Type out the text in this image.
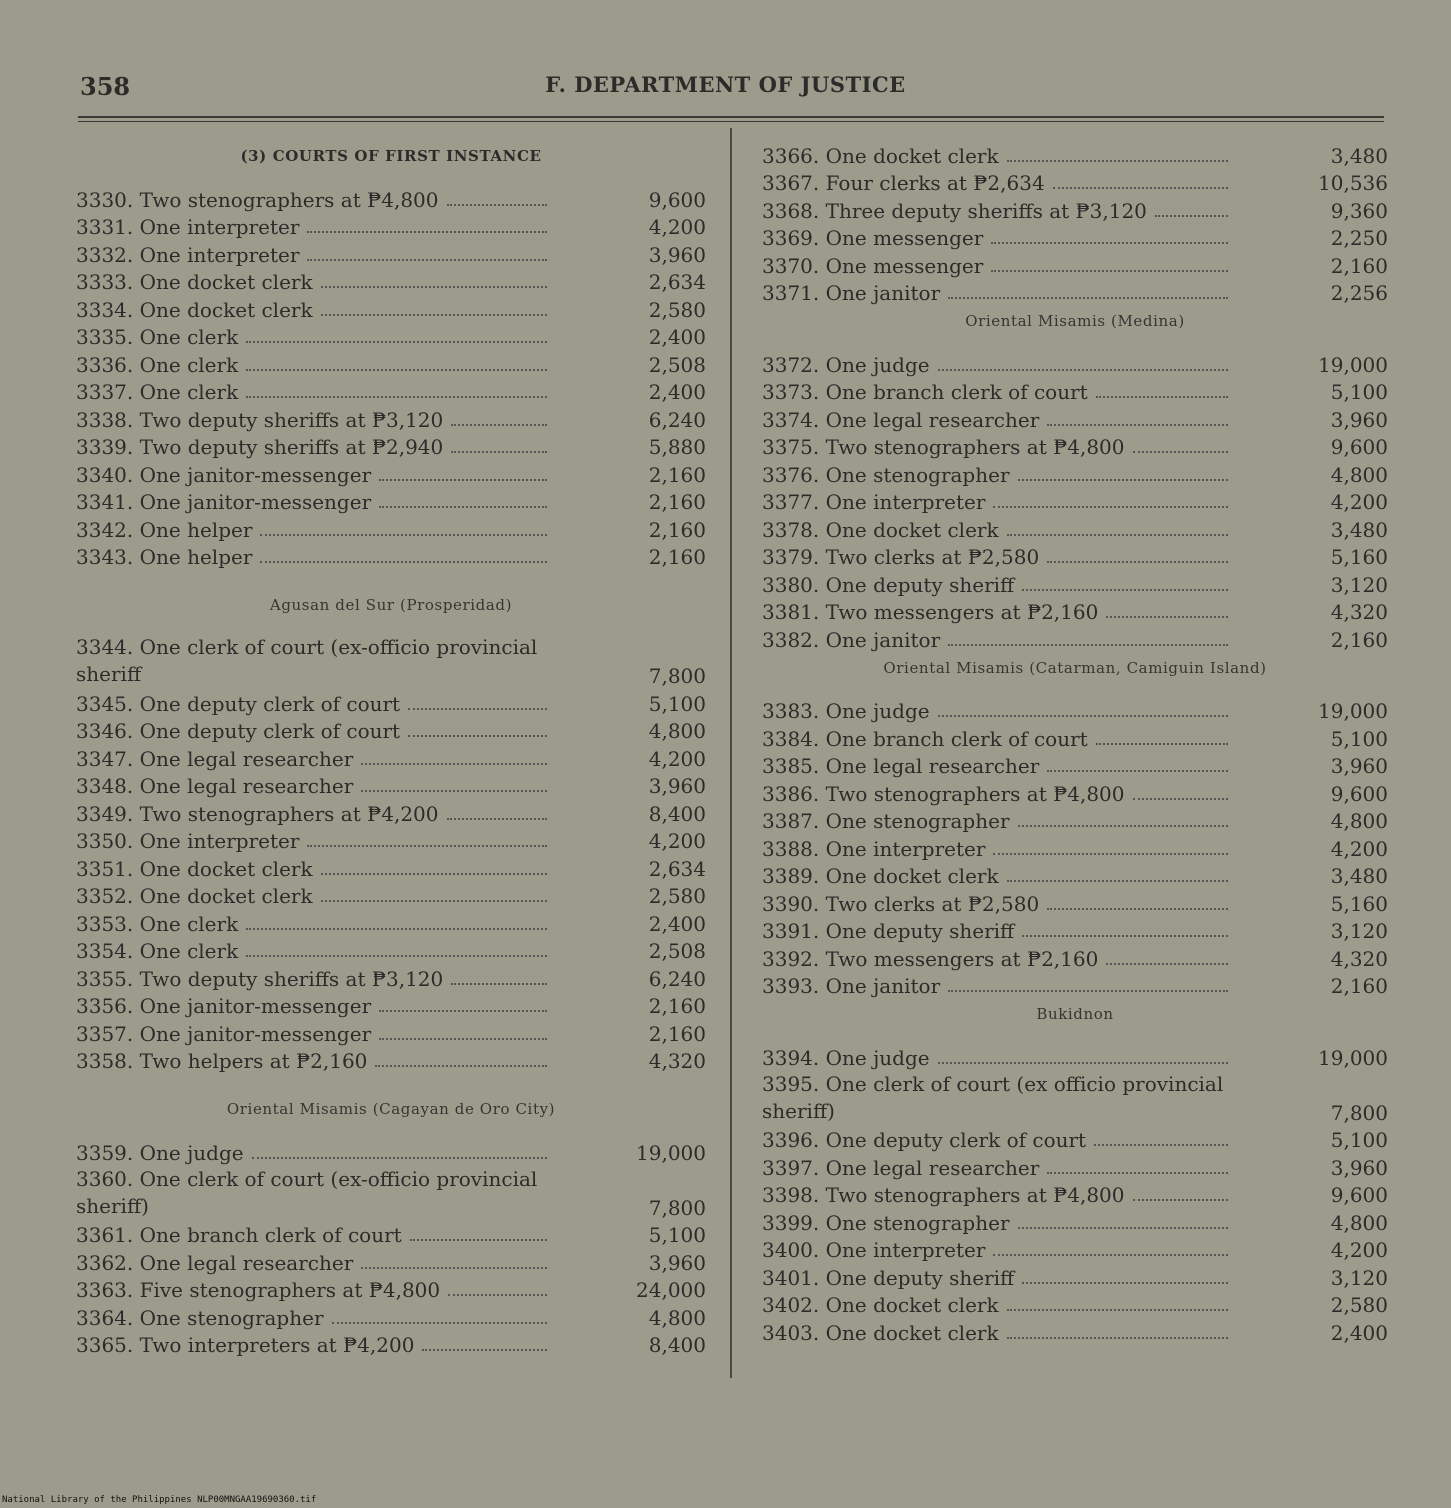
358	F. DEPARTMENT OF JUSTICE
(3) COURTS OF FIRST INSTANCE
3330. Two stenographers at ₱4,800	9,600
3331. One interpreter	4,200
3332. One interpreter	3,960
3333. One docket clerk	2,634
3334. One docket clerk	2,580
3335. One clerk	2,400
3336. One clerk	2,508
3337. One clerk	2,400
3338. Two deputy sheriffs at ₱3,120	6,240
3339. Two deputy sheriffs at ₱2,940	5,880
3340. One janitor-messenger	2,160
3341. One janitor-messenger	2,160
3342. One helper	2,160
3343. One helper	2,160
Agusan del Sur (Prosperidad)
3344. One clerk of court (ex-officio provincial sheriff	7,800
3345. One deputy clerk of court	5,100
3346. One deputy clerk of court	4,800
3347. One legal researcher	4,200
3348. One legal researcher	3,960
3349. Two stenographers at ₱4,200	8,400
3350. One interpreter	4,200
3351. One docket clerk	2,634
3352. One docket clerk	2,580
3353. One clerk	2,400
3354. One clerk	2,508
3355. Two deputy sheriffs at ₱3,120	6,240
3356. One janitor-messenger	2,160
3357. One janitor-messenger	2,160
3358. Two helpers at ₱2,160	4,320
Oriental Misamis (Cagayan de Oro City)
3359. One judge	19,000
3360. One clerk of court (ex-officio provincial sheriff)	7,800
3361. One branch clerk of court	5,100
3362. One legal researcher	3,960
3363. Five stenographers at ₱4,800	24,000
3364. One stenographer	4,800
3365. Two interpreters at ₱4,200	8,400
3366. One docket clerk	3,480
3367. Four clerks at ₱2,634	10,536
3368. Three deputy sheriffs at ₱3,120	9,360
3369. One messenger	2,250
3370. One messenger	2,160
3371. One janitor	2,256
Oriental Misamis (Medina)
3372. One judge	19,000
3373. One branch clerk of court	5,100
3374. One legal researcher	3,960
3375. Two stenographers at ₱4,800	9,600
3376. One stenographer	4,800
3377. One interpreter	4,200
3378. One docket clerk	3,480
3379. Two clerks at ₱2,580	5,160
3380. One deputy sheriff	3,120
3381. Two messengers at ₱2,160	4,320
3382. One janitor	2,160
Oriental Misamis (Catarman, Camiguin Island)
3383. One judge	19,000
3384. One branch clerk of court	5,100
3385. One legal researcher	3,960
3386. Two stenographers at ₱4,800	9,600
3387. One stenographer	4,800
3388. One interpreter	4,200
3389. One docket clerk	3,480
3390. Two clerks at ₱2,580	5,160
3391. One deputy sheriff	3,120
3392. Two messengers at ₱2,160	4,320
3393. One janitor	2,160
Bukidnon
3394. One judge	19,000
3395. One clerk of court (ex officio provincial sheriff)	7,800
3396. One deputy clerk of court	5,100
3397. One legal researcher	3,960
3398. Two stenographers at ₱4,800	9,600
3399. One stenographer	4,800
3400. One interpreter	4,200
3401. One deputy sheriff	3,120
3402. One docket clerk	2,580
3403. One docket clerk	2,400
National Library of the Philippines NLP00MNGAA19690360.tif
